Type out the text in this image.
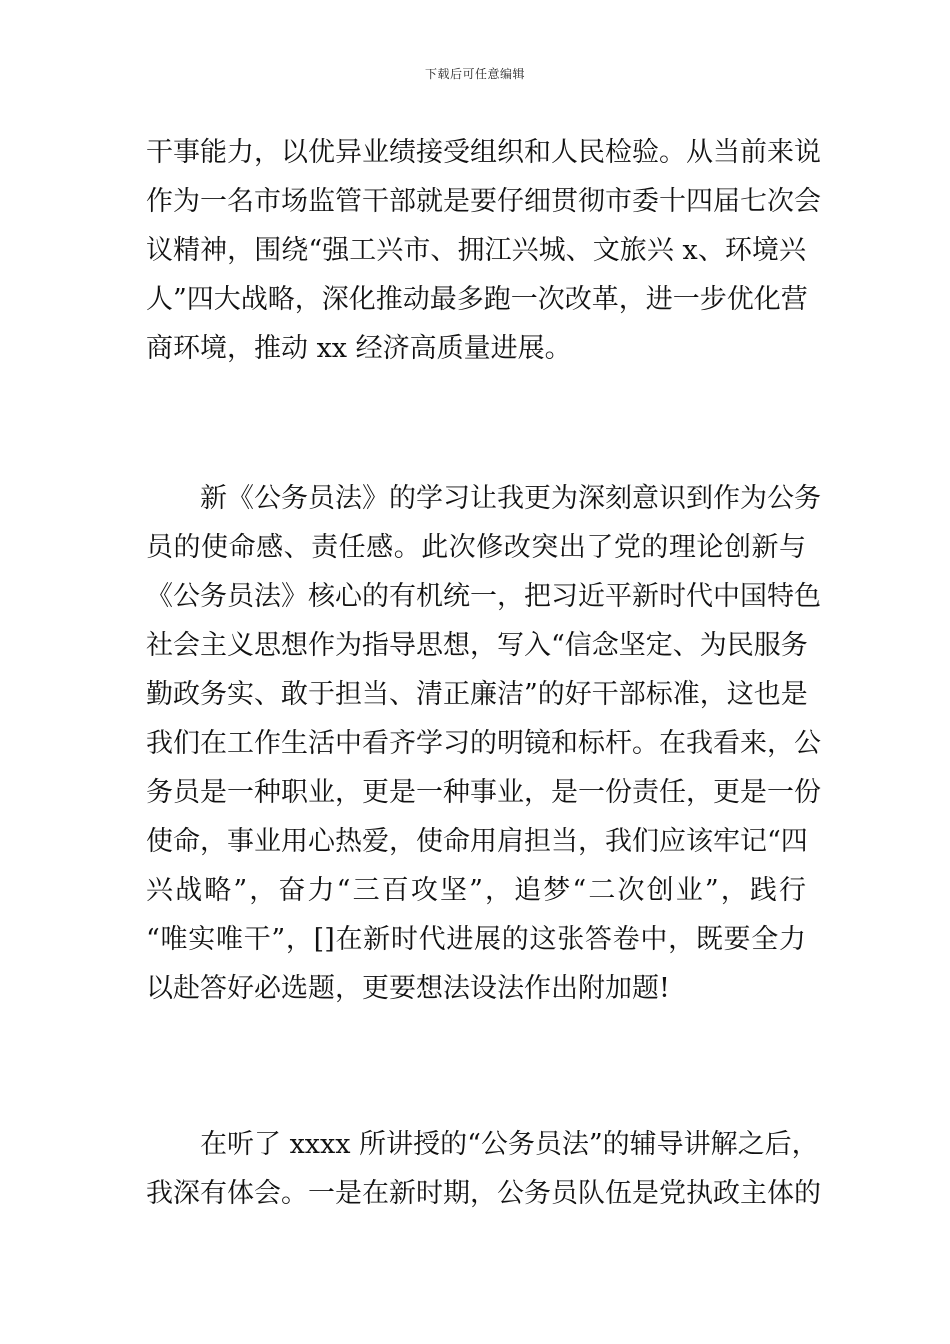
下载后可任意编辑
干事能力，以优异业绩接受组织和人民检验。从当前来说
作为一名市场监管干部就是要仔细贯彻市委十四届七次会
议精神，围绕“强工兴市、拥江兴城、文旅兴 x、环境兴
人”四大战略，深化推动最多跑一次改革，进一步优化营
商环境，推动 xx 经济高质量进展。
新《公务员法》的学习让我更为深刻意识到作为公务
员的使命感、责任感。此次修改突出了党的理论创新与
《公务员法》核心的有机统一，把习近平新时代中国特色
社会主义思想作为指导思想，写入“信念坚定、为民服务
勤政务实、敢于担当、清正廉洁”的好干部标准，这也是
我们在工作生活中看齐学习的明镜和标杆。在我看来，公
务员是一种职业，更是一种事业，是一份责任，更是一份
使命，事业用心热爱，使命用肩担当，我们应该牢记“四
兴战略”，奋力“三百攻坚”，追梦“二次创业”，践行
“唯实唯干”，[]在新时代进展的这张答卷中，既要全力
以赴答好必选题，更要想法设法作出附加题!
在听了 xxxx 所讲授的“公务员法”的辅导讲解之后，
我深有体会。一是在新时期，公务员队伍是党执政主体的
